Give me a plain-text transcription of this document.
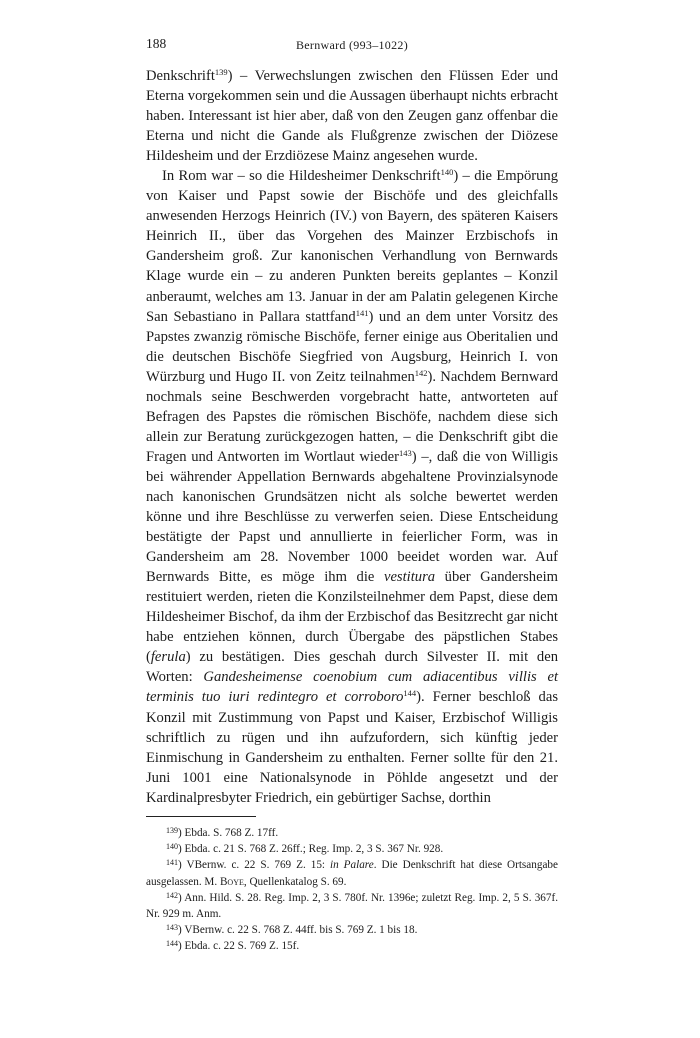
188	Bernward (993–1022)

Denkschrift$^{139}$) – Verwechslungen zwischen den Flüssen Eder und Eterna vorgekommen sein und die Aussagen überhaupt nichts erbracht haben. Interessant ist hier aber, daß von den Zeugen ganz offenbar die Eterna und nicht die Gande als Flußgrenze zwischen der Diözese Hildesheim und der Erzdiözese Mainz angesehen wurde.

In Rom war – so die Hildesheimer Denkschrift$^{140}$) – die Empörung von Kaiser und Papst sowie der Bischöfe und des gleichfalls anwesenden Herzogs Heinrich (IV.) von Bayern, des späteren Kaisers Heinrich II., über das Vorgehen des Mainzer Erzbischofs in Gandersheim groß. Zur kanonischen Verhandlung von Bernwards Klage wurde ein – zu anderen Punkten bereits geplantes – Konzil anberaumt, welches am 13. Januar in der am Palatin gelegenen Kirche San Sebastiano in Pallara stattfand$^{141}$) und an dem unter Vorsitz des Papstes zwanzig römische Bischöfe, ferner einige aus Oberitalien und die deutschen Bischöfe Siegfried von Augsburg, Heinrich I. von Würzburg und Hugo II. von Zeitz teilnahmen$^{142}$). Nachdem Bernward nochmals seine Beschwerden vorgebracht hatte, antworteten auf Befragen des Papstes die römischen Bischöfe, nachdem diese sich allein zur Beratung zurückgezogen hatten, – die Denkschrift gibt die Fragen und Antworten im Wortlaut wieder$^{143}$) –, daß die von Willigis bei währender Appellation Bernwards abgehaltene Provinzialsynode nach kanonischen Grundsätzen nicht als solche bewertet werden könne und ihre Beschlüsse zu verwerfen seien. Diese Entscheidung bestätigte der Papst und annullierte in feierlicher Form, was in Gandersheim am 28. November 1000 beeidet worden war. Auf Bernwards Bitte, es möge ihm die vestitura über Gandersheim restituiert werden, rieten die Konzilsteilnehmer dem Papst, diese dem Hildesheimer Bischof, da ihm der Erzbischof das Besitzrecht gar nicht habe entziehen können, durch Übergabe des päpstlichen Stabes (ferula) zu bestätigen. Dies geschah durch Silvester II. mit den Worten: Gandesheimense coenobium cum adiacentibus villis et terminis tuo iuri redintegro et corroboro$^{144}$). Ferner beschloß das Konzil mit Zustimmung von Papst und Kaiser, Erzbischof Willigis schriftlich zu rügen und ihn aufzufordern, sich künftig jeder Einmischung in Gandersheim zu enthalten. Ferner sollte für den 21. Juni 1001 eine Nationalsynode in Pöhlde angesetzt und der Kardinalpresbyter Friedrich, ein gebürtiger Sachse, dorthin

$^{139}$) Ebda. S. 768 Z. 17ff.

$^{140}$) Ebda. c. 21 S. 768 Z. 26ff.; Reg. Imp. 2, 3 S. 367 Nr. 928.

$^{141}$) VBernw. c. 22 S. 769 Z. 15: in Palare. Die Denkschrift hat diese Ortsangabe ausgelassen. M. Boye, Quellenkatalog S. 69.

$^{142}$) Ann. Hild. S. 28. Reg. Imp. 2, 3 S. 780f. Nr. 1396e; zuletzt Reg. Imp. 2, 5 S. 367f. Nr. 929 m. Anm.

$^{143}$) VBernw. c. 22 S. 768 Z. 44ff. bis S. 769 Z. 1 bis 18.

$^{144}$) Ebda. c. 22 S. 769 Z. 15f.
